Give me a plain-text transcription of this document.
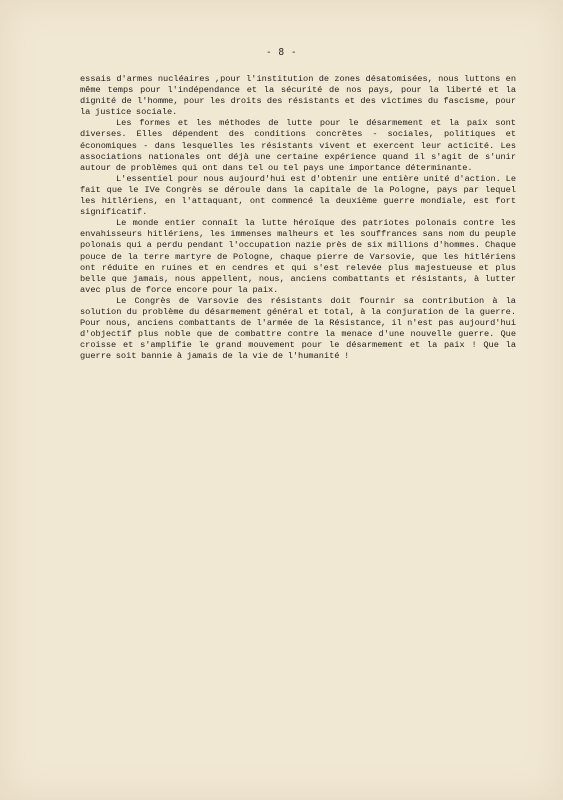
- 8 -

essais d'armes nucléaires ,pour l'institution de zones désatomisées, nous luttons en même temps pour l'indépendance et la sécurité de nos pays, pour la liberté et la dignité de l'homme, pour les droits des résistants et des victimes du fascisme, pour la justice sociale.

Les formes et les méthodes de lutte pour le désarmement et la paix sont diverses. Elles dépendent des conditions concrètes - sociales, politiques et économiques - dans lesquelles les résistants vivent et exercent leur acticité. Les associations nationales ont déjà une certaine expérience quand il s'agit de s'unir autour de problèmes qui ont dans tel ou tel pays une importance déterminante.

L'essentiel pour nous aujourd'hui est d'obtenir une entière unité d'action. Le fait que le IVe Congrès se déroule dans la capitale de la Pologne, pays par lequel les hitlériens, en l'attaquant, ont commencé la deuxième guerre mondiale, est fort significatif.

Le monde entier connaît la lutte héroïque des patriotes polonais contre les envahisseurs hitlériens, les immenses malheurs et les souffrances sans nom du peuple polonais qui a perdu pendant l'occupation nazie près de six millions d'hommes. Chaque pouce de la terre martyre de Pologne, chaque pierre de Varsovie, que les hitlériens ont réduite en ruines et en cendres et qui s'est relevée plus majestueuse et plus belle que jamais, nous appellent, nous, anciens combattants et résistants, à lutter avec plus de force encore pour la paix.

Le Congrès de Varsovie des résistants doit fournir sa contribution à la solution du problème du désarmement général et total, à la conjuration de la guerre. Pour nous, anciens combattants de l'armée de la Résistance, il n'est pas aujourd'hui d'objectif plus noble que de combattre contre la menace d'une nouvelle guerre. Que croisse et s'amplifie le grand mouvement pour le désarmement et la paix ! Que la guerre soit bannie à jamais de la vie de l'humanité !
